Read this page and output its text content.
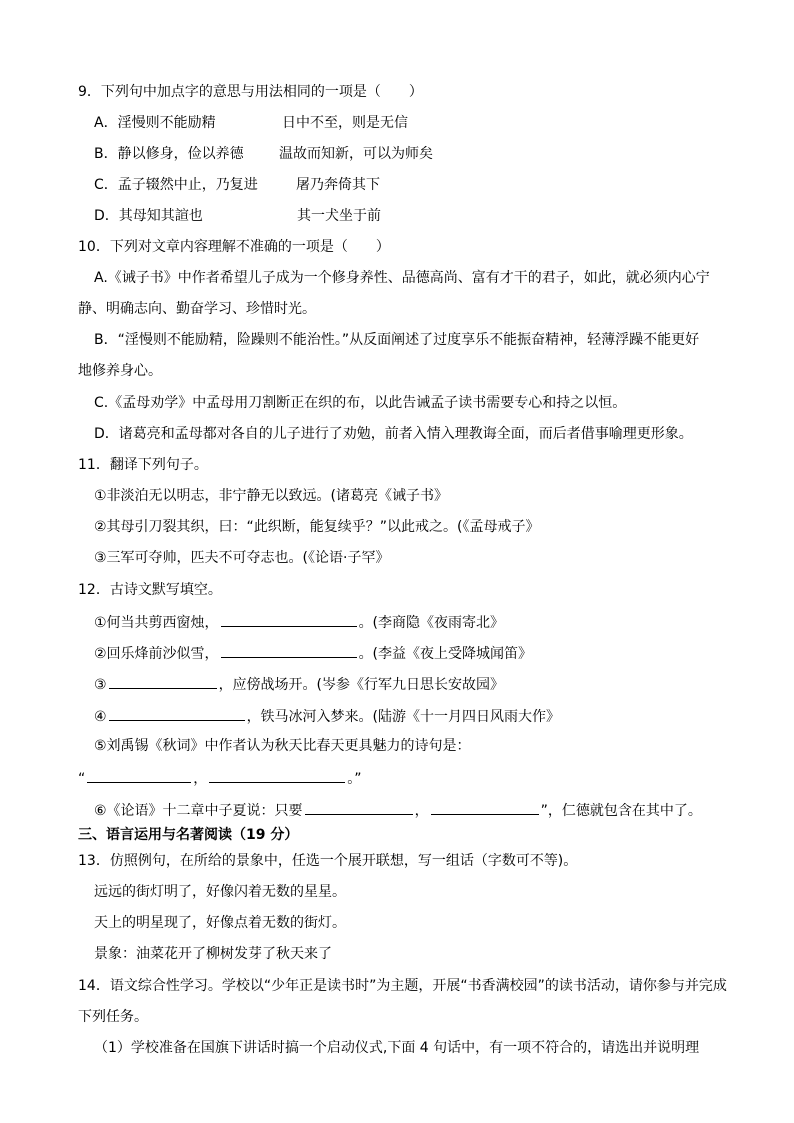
9．下列句中加点字的意思与用法相同的一项是（　　）
A．淫慢则不能励精	日中不至，则是无信
B．静以修身，俭以养德	温故而知新，可以为师矣
C．孟子辍然中止，乃复进	屠乃奔倚其下
D．其母知其諠也	其一犬坐于前
10．下列对文章内容理解不准确的一项是（　　）
A.《诫子书》中作者希望儿子成为一个修身养性、品德高尚、富有才干的君子，如此，就必须内心宁
静、明确志向、勤奋学习、珍惜时光。
B．“淫慢则不能励精，险躁则不能治性。”从反面阐述了过度享乐不能振奋精神，轻薄浮躁不能更好
地修养身心。
C.《孟母劝学》中孟母用刀割断正在织的布，以此告诫孟子读书需要专心和持之以恒。
D．诸葛亮和孟母都对各自的儿子进行了劝勉，前者入情入理教诲全面，而后者借事喻理更形象。
11．翻译下列句子。
①非淡泊无以明志，非宁静无以致远。(诸葛亮《诫子书》
②其母引刀裂其织，曰：“此织断，能复续乎？”以此戒之。(《孟母戒子》
③三军可夺帅，匹夫不可夺志也。(《论语·子罕》
12．古诗文默写填空。
①何当共剪西窗烛，	。(李商隐《夜雨寄北》
②回乐烽前沙似雪，	。(李益《夜上受降城闻笛》
③	，应傍战场开。(岑参《行军九日思长安故园》
④	，铁马冰河入梦来。(陆游《十一月四日风雨大作》
⑤刘禹锡《秋词》中作者认为秋天比春天更具魅力的诗句是：
“	，	。”
⑥《论语》十二章中子夏说：只要	，	”，仁德就包含在其中了。
三、语言运用与名著阅读（19 分）
13．仿照例句，在所给的景象中，任选一个展开联想，写一组话（字数可不等)。
远远的街灯明了，好像闪着无数的星星。
天上的明星现了，好像点着无数的街灯。
景象：油菜花开了柳树发芽了秋天来了
14．语文综合性学习。学校以“少年正是读书时”为主题，开展“书香满校园”的读书活动，请你参与并完成
下列任务。
（1）学校准备在国旗下讲话时搞一个启动仪式,下面 4 句话中，有一项不符合的，请选出并说明理
